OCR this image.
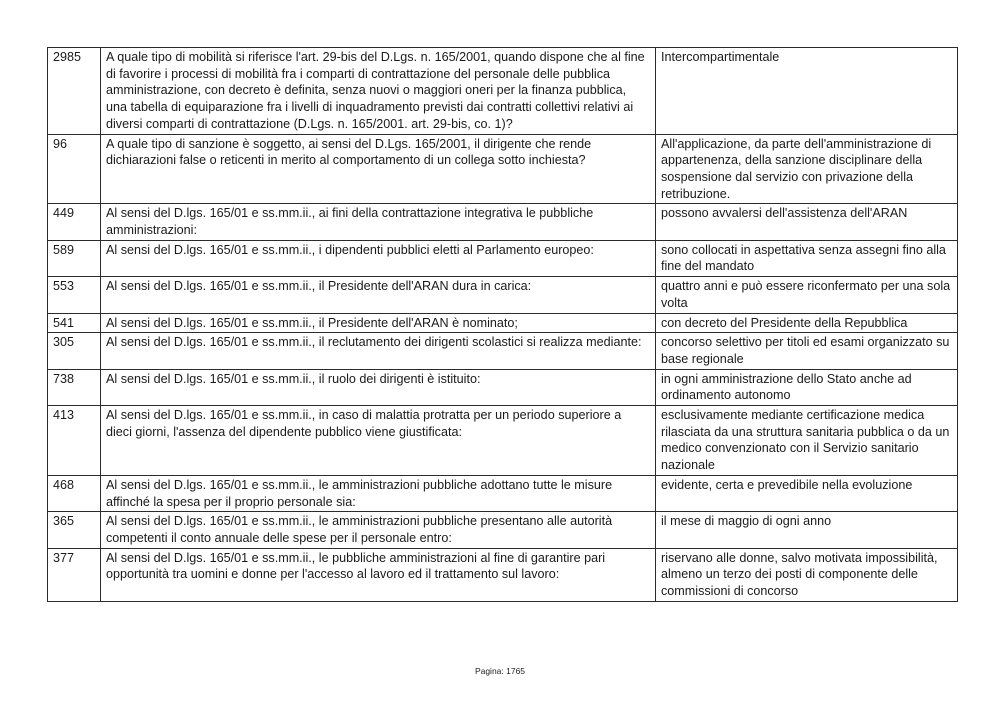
2985	A quale tipo di mobilità si riferisce l'art. 29-bis del D.Lgs. n. 165/2001, quando dispone che al fine di favorire i processi di mobilità fra i comparti di contrattazione del personale delle pubblica amministrazione, con decreto è definita, senza nuovi o maggiori oneri per la finanza pubblica, una tabella di equiparazione fra i livelli di inquadramento previsti dai contratti collettivi relativi ai diversi comparti di contrattazione (D.Lgs. n. 165/2001. art. 29-bis, co. 1)?	Intercompartimentale
96	A quale tipo di sanzione è soggetto, ai sensi del D.Lgs. 165/2001, il dirigente che rende dichiarazioni false o reticenti in merito al comportamento di un collega sotto inchiesta?	All'applicazione, da parte dell'amministrazione di appartenenza, della sanzione disciplinare della sospensione dal servizio con privazione della retribuzione.
449	Al sensi del D.lgs. 165/01 e ss.mm.ii., ai fini della contrattazione integrativa le pubbliche amministrazioni:	possono avvalersi dell'assistenza dell'ARAN
589	Al sensi del D.lgs. 165/01 e ss.mm.ii., i dipendenti pubblici eletti al Parlamento europeo:	sono collocati in aspettativa senza assegni fino alla fine del mandato
553	Al sensi del D.lgs. 165/01 e ss.mm.ii., il Presidente dell'ARAN dura in carica:	quattro anni e può essere riconfermato per una sola volta
541	Al sensi del D.lgs. 165/01 e ss.mm.ii., il Presidente dell'ARAN è nominato;	con decreto del Presidente della Repubblica
305	Al sensi del D.lgs. 165/01 e ss.mm.ii., il reclutamento dei dirigenti scolastici si realizza mediante:	concorso selettivo per titoli ed esami organizzato su base regionale
738	Al sensi del D.lgs. 165/01 e ss.mm.ii., il ruolo dei dirigenti è istituito:	in ogni amministrazione dello Stato anche ad ordinamento autonomo
413	Al sensi del D.lgs. 165/01 e ss.mm.ii., in caso di malattia protratta per un periodo superiore a dieci giorni, l'assenza del dipendente pubblico viene giustificata:	esclusivamente mediante certificazione medica rilasciata da una struttura sanitaria pubblica o da un medico convenzionato con il Servizio sanitario nazionale
468	Al sensi del D.lgs. 165/01 e ss.mm.ii., le amministrazioni pubbliche adottano tutte le misure affinché la spesa per il proprio personale sia:	evidente, certa e prevedibile nella evoluzione
365	Al sensi del D.lgs. 165/01 e ss.mm.ii., le amministrazioni pubbliche presentano alle autorità competenti il conto annuale delle spese per il personale entro:	il mese di maggio di ogni anno
377	Al sensi del D.lgs. 165/01 e ss.mm.ii., le pubbliche amministrazioni al fine di garantire pari opportunità tra uomini e donne per l'accesso al lavoro ed il trattamento sul lavoro:	riservano alle donne, salvo motivata impossibilità, almeno un terzo dei posti di componente delle commissioni di concorso
Pagina: 1765
